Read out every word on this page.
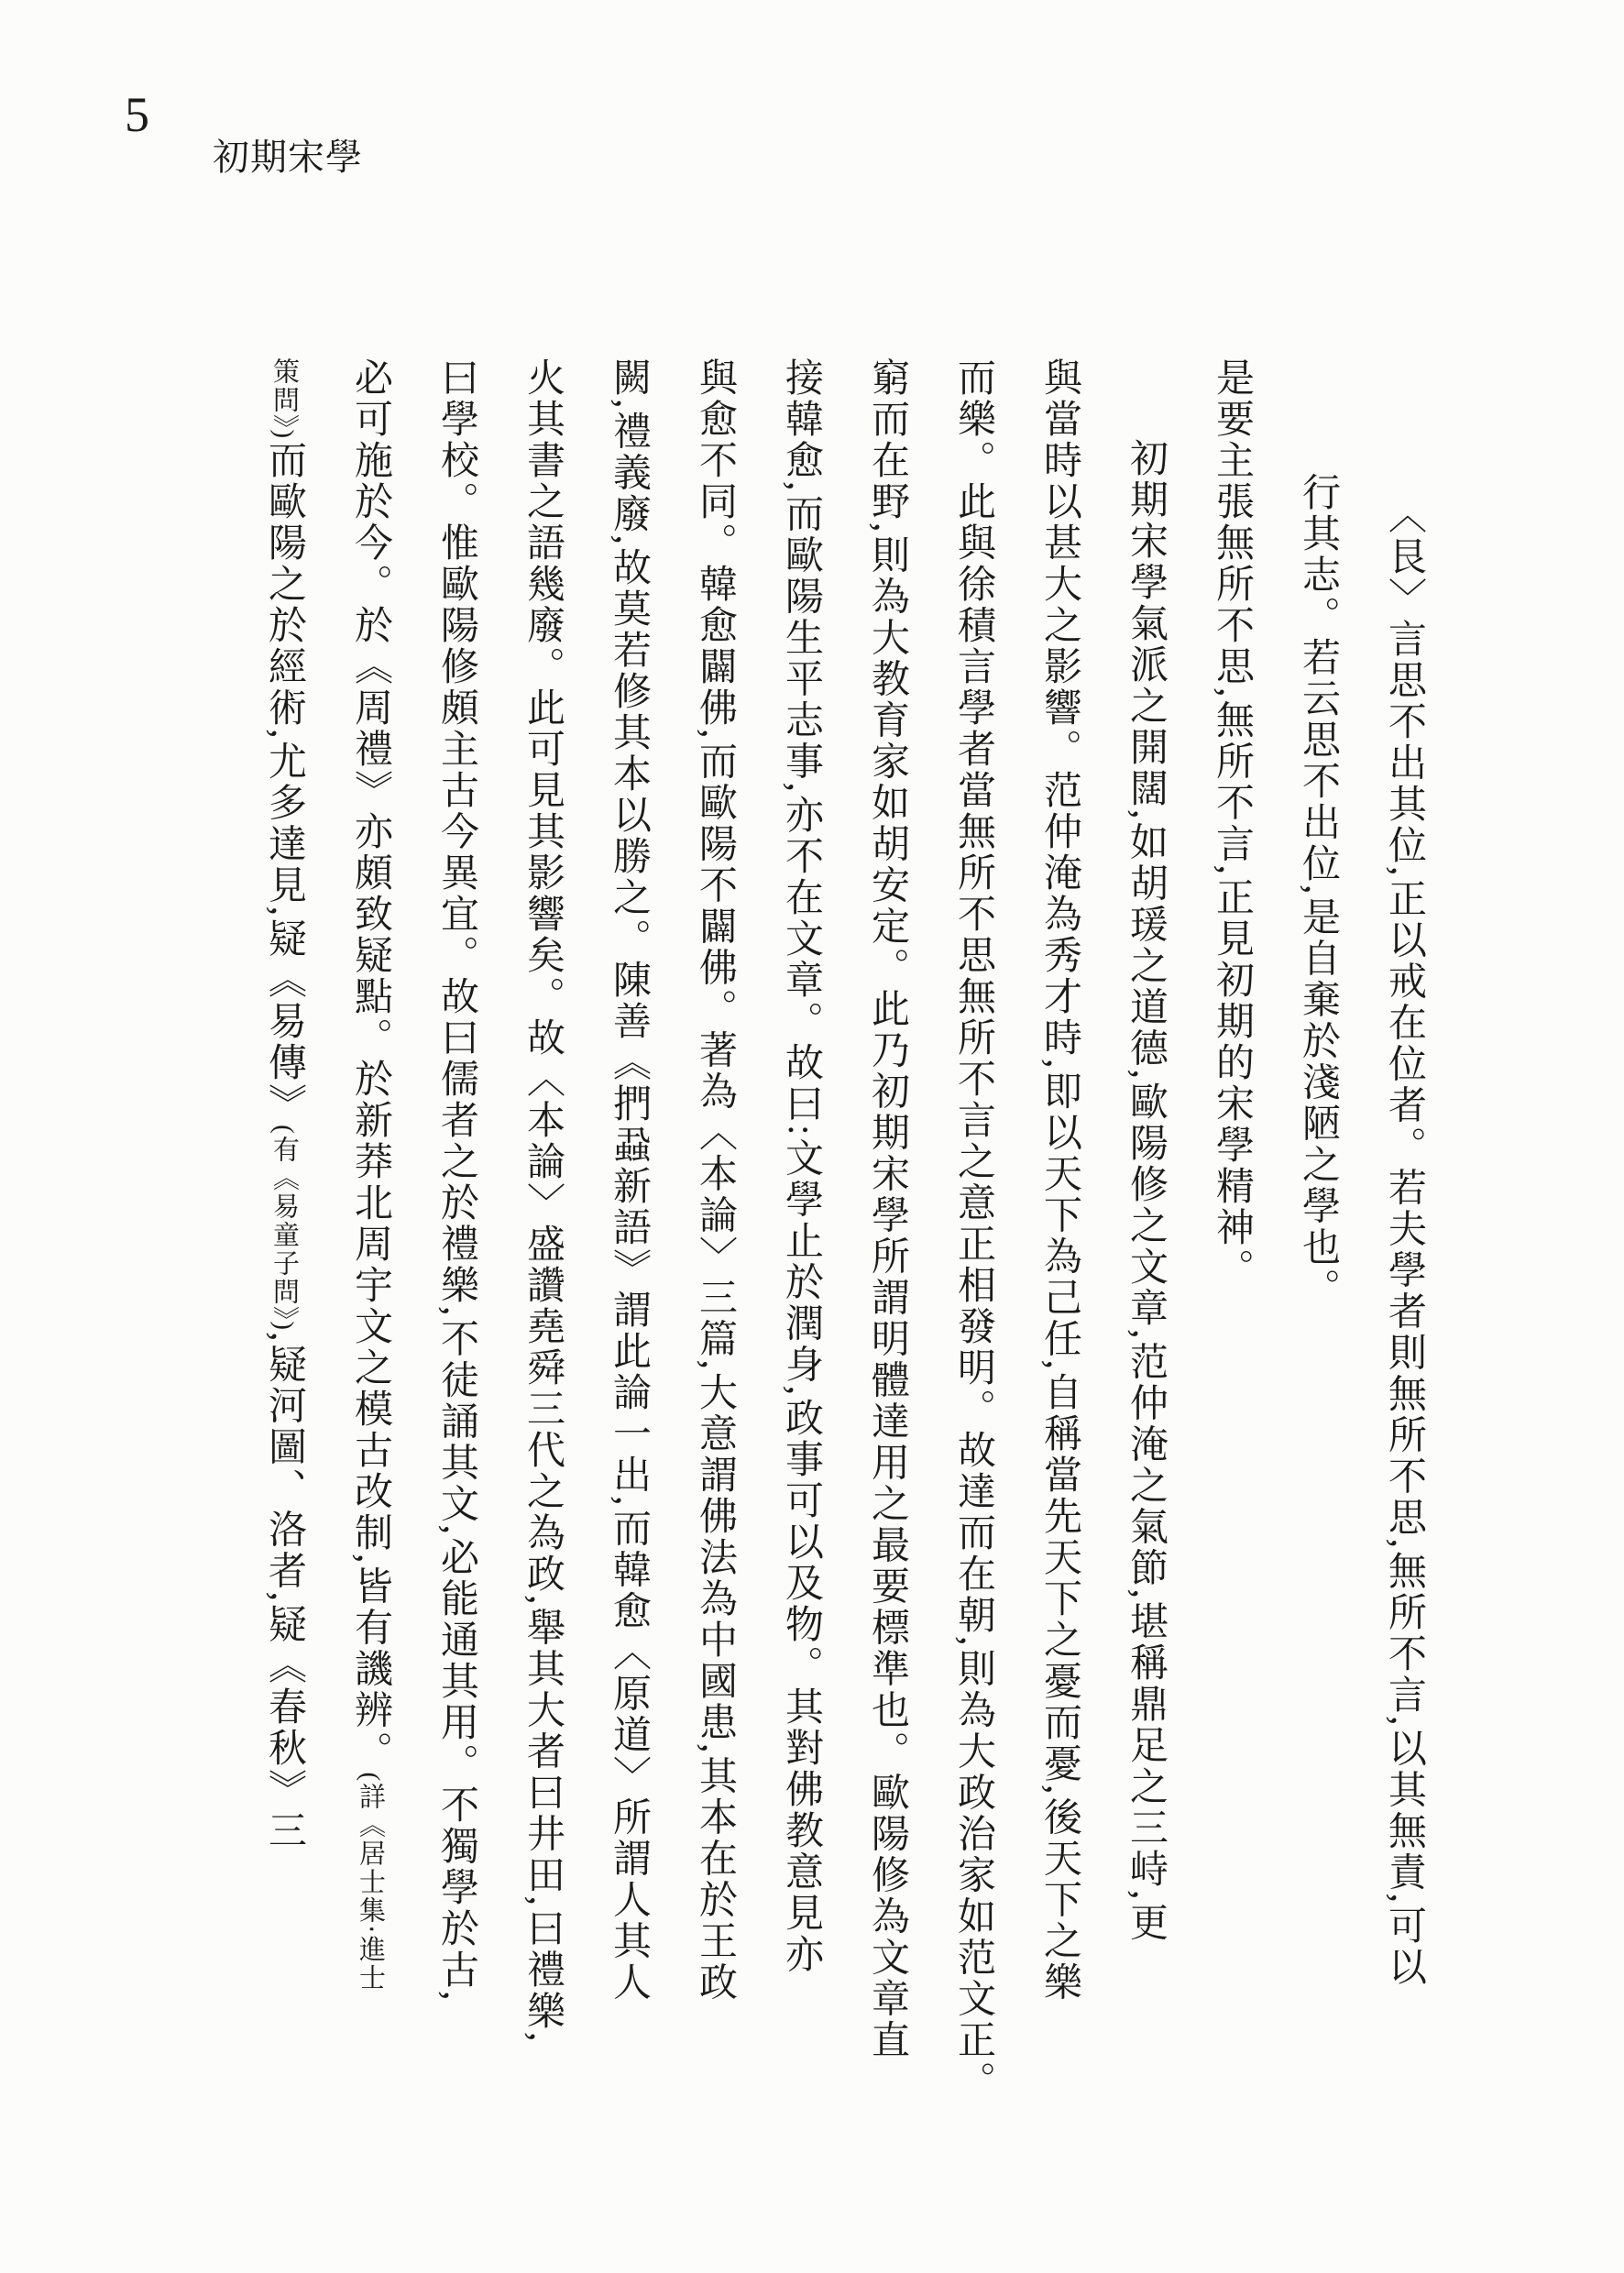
5
初期宋學
〈艮〉言思不出其位,正以戒在位者。若夫學者則無所不思,無所不言,以其無責,可以
行其志。若云思不出位,是自棄於淺陋之學也。
是要主張無所不思,無所不言,正見初期的宋學精神。
初期宋學氣派之開闊,如胡瑗之道德,歐陽修之文章,范仲淹之氣節,堪稱鼎足之三峙,更
與當時以甚大之影響。范仲淹為秀才時,即以天下為己任,自稱當先天下之憂而憂,後天下之樂
而樂。此與徐積言學者當無所不思無所不言之意正相發明。故達而在朝,則為大政治家如范文正。
窮而在野,則為大教育家如胡安定。此乃初期宋學所謂明體達用之最要標準也。歐陽修為文章直
接韓愈,而歐陽生平志事,亦不在文章。故曰:文學止於潤身,政事可以及物。其對佛教意見亦
與愈不同。韓愈闢佛,而歐陽不闢佛。著為〈本論〉三篇,大意謂佛法為中國患,其本在於王政
闕,禮義廢,故莫若修其本以勝之。陳善《捫蝨新語》謂此論一出,而韓愈〈原道〉所謂人其人
火其書之語幾廢。此可見其影響矣。故〈本論〉盛讚堯舜三代之為政,舉其大者曰井田,曰禮樂,
曰學校。惟歐陽修頗主古今異宜。故曰儒者之於禮樂,不徒誦其文,必能通其用。不獨學於古,
必可施於今。於《周禮》亦頗致疑點。於新莽北周宇文之模古改制,皆有譏辨。(詳《居士集‧進士
策問》)而歐陽之於經術,尤多達見,疑《易傳》(有《易童子問》),疑河圖、洛者,疑《春秋》三
